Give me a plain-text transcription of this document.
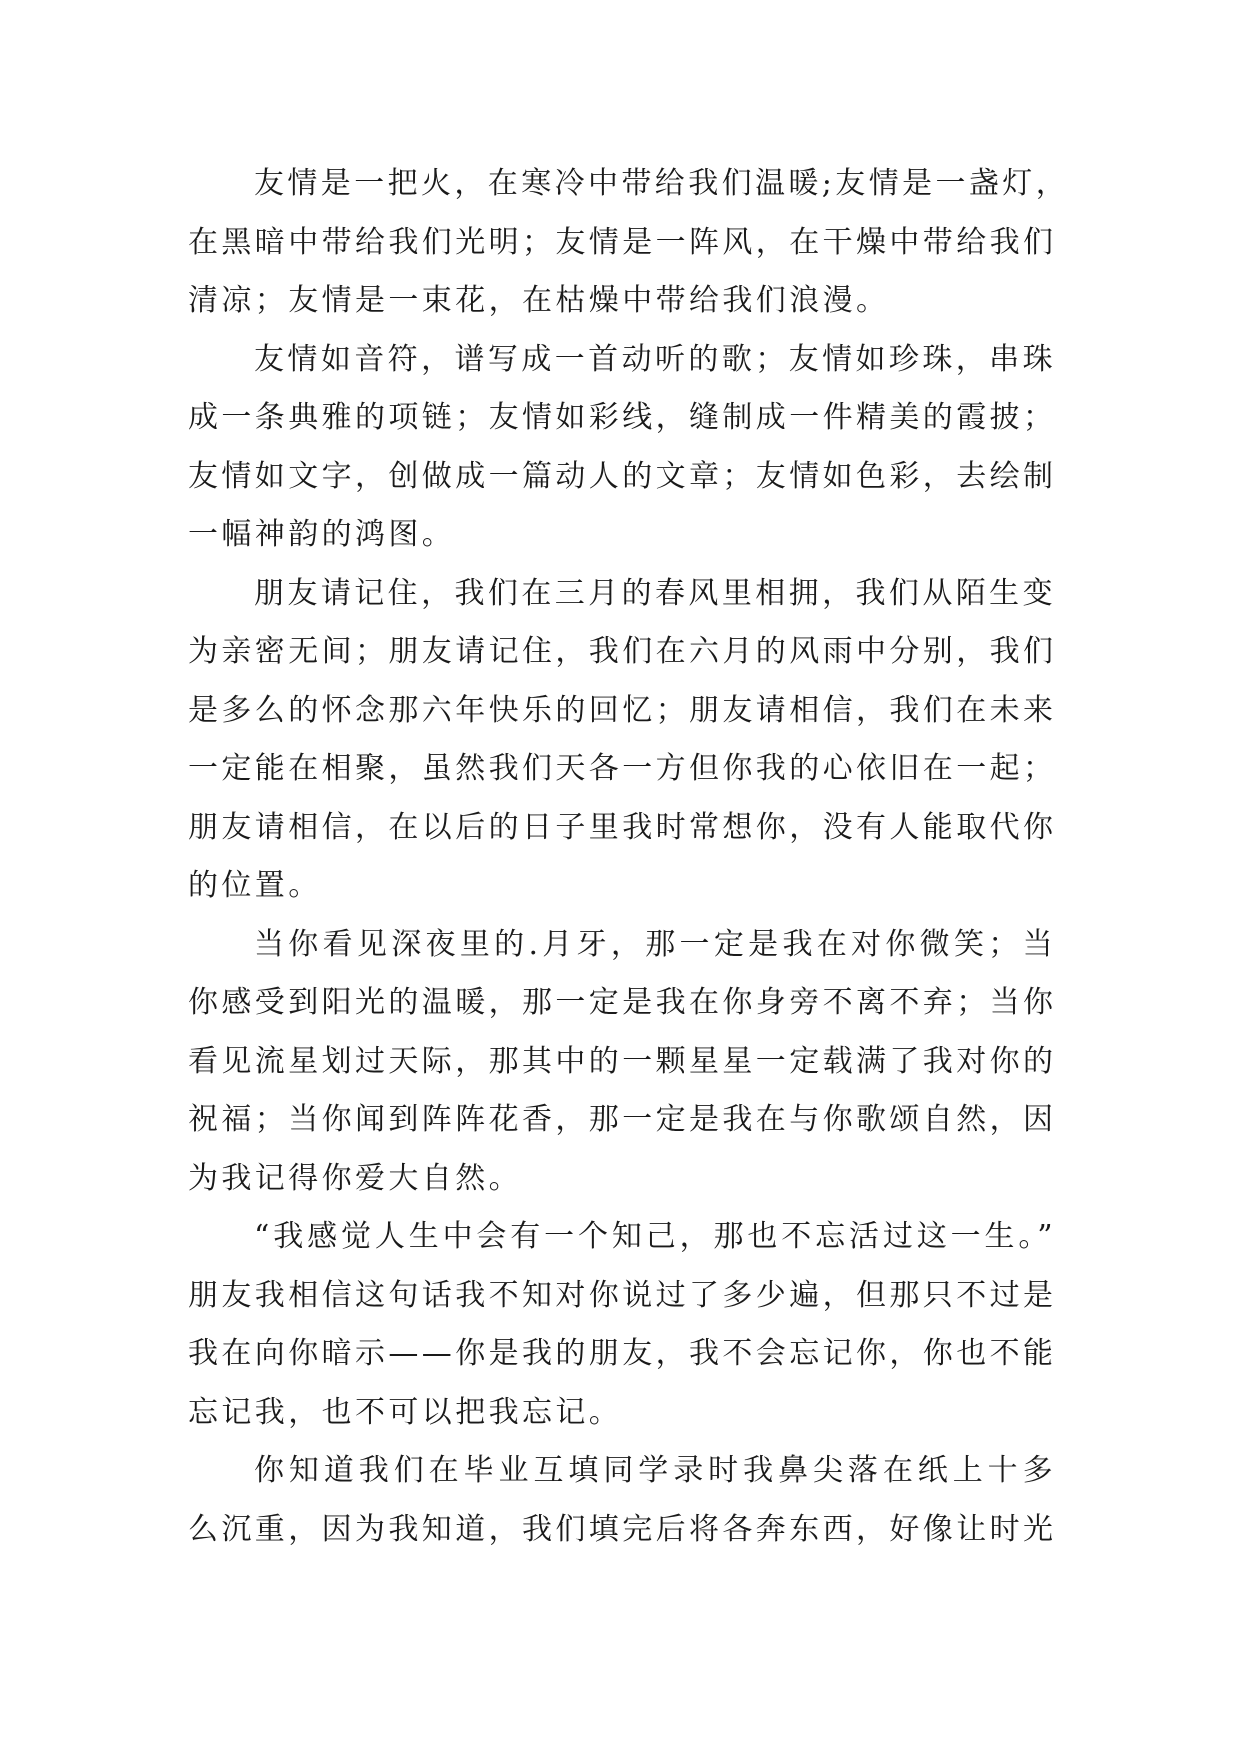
友情是一把火，在寒冷中带给我们温暖;友情是一盏灯，
在黑暗中带给我们光明；友情是一阵风，在干燥中带给我们
清凉；友情是一束花，在枯燥中带给我们浪漫。
友情如音符，谱写成一首动听的歌；友情如珍珠，串珠
成一条典雅的项链；友情如彩线，缝制成一件精美的霞披；
友情如文字，创做成一篇动人的文章；友情如色彩，去绘制
一幅神韵的鸿图。
朋友请记住，我们在三月的春风里相拥，我们从陌生变
为亲密无间；朋友请记住，我们在六月的风雨中分别，我们
是多么的怀念那六年快乐的回忆；朋友请相信，我们在未来
一定能在相聚，虽然我们天各一方但你我的心依旧在一起；
朋友请相信，在以后的日子里我时常想你，没有人能取代你
的位置。
当你看见深夜里的.月牙，那一定是我在对你微笑；当
你感受到阳光的温暖，那一定是我在你身旁不离不弃；当你
看见流星划过天际，那其中的一颗星星一定载满了我对你的
祝福；当你闻到阵阵花香，那一定是我在与你歌颂自然，因
为我记得你爱大自然。
“我感觉人生中会有一个知己，那也不忘活过这一生。”
朋友我相信这句话我不知对你说过了多少遍，但那只不过是
我在向你暗示——你是我的朋友，我不会忘记你，你也不能
忘记我，也不可以把我忘记。
你知道我们在毕业互填同学录时我鼻尖落在纸上十多
么沉重，因为我知道，我们填完后将各奔东西，好像让时光
